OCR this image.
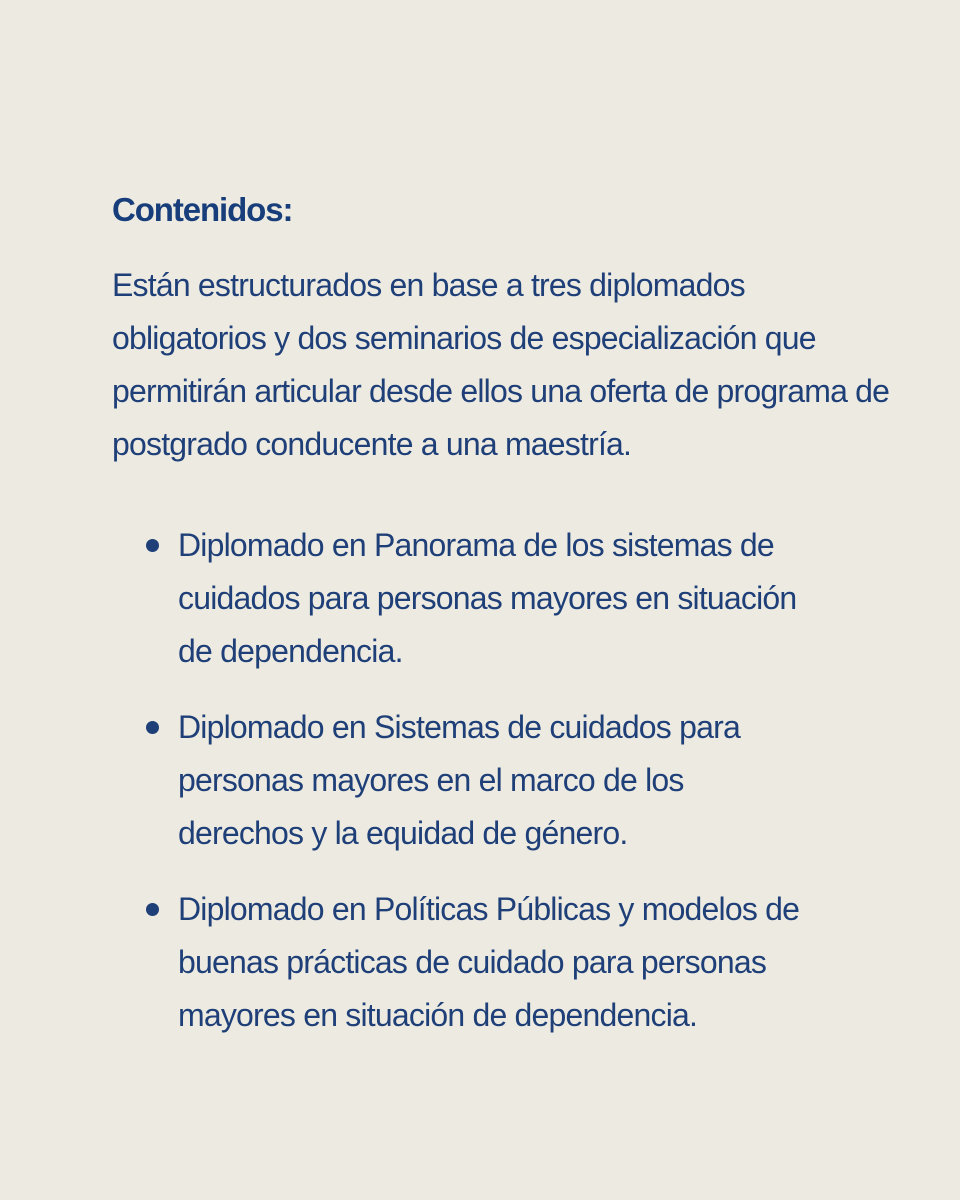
Contenidos:

Están estructurados en base a tres diplomados obligatorios y dos seminarios de especialización que permitirán articular desde ellos una oferta de programa de postgrado conducente a una maestría.

Diplomado en Panorama de los sistemas de cuidados para personas mayores en situación de dependencia.
Diplomado en Sistemas de cuidados para personas mayores en el marco de los derechos y la equidad de género.
Diplomado en Políticas Públicas y modelos de buenas prácticas de cuidado para personas mayores en situación de dependencia.
